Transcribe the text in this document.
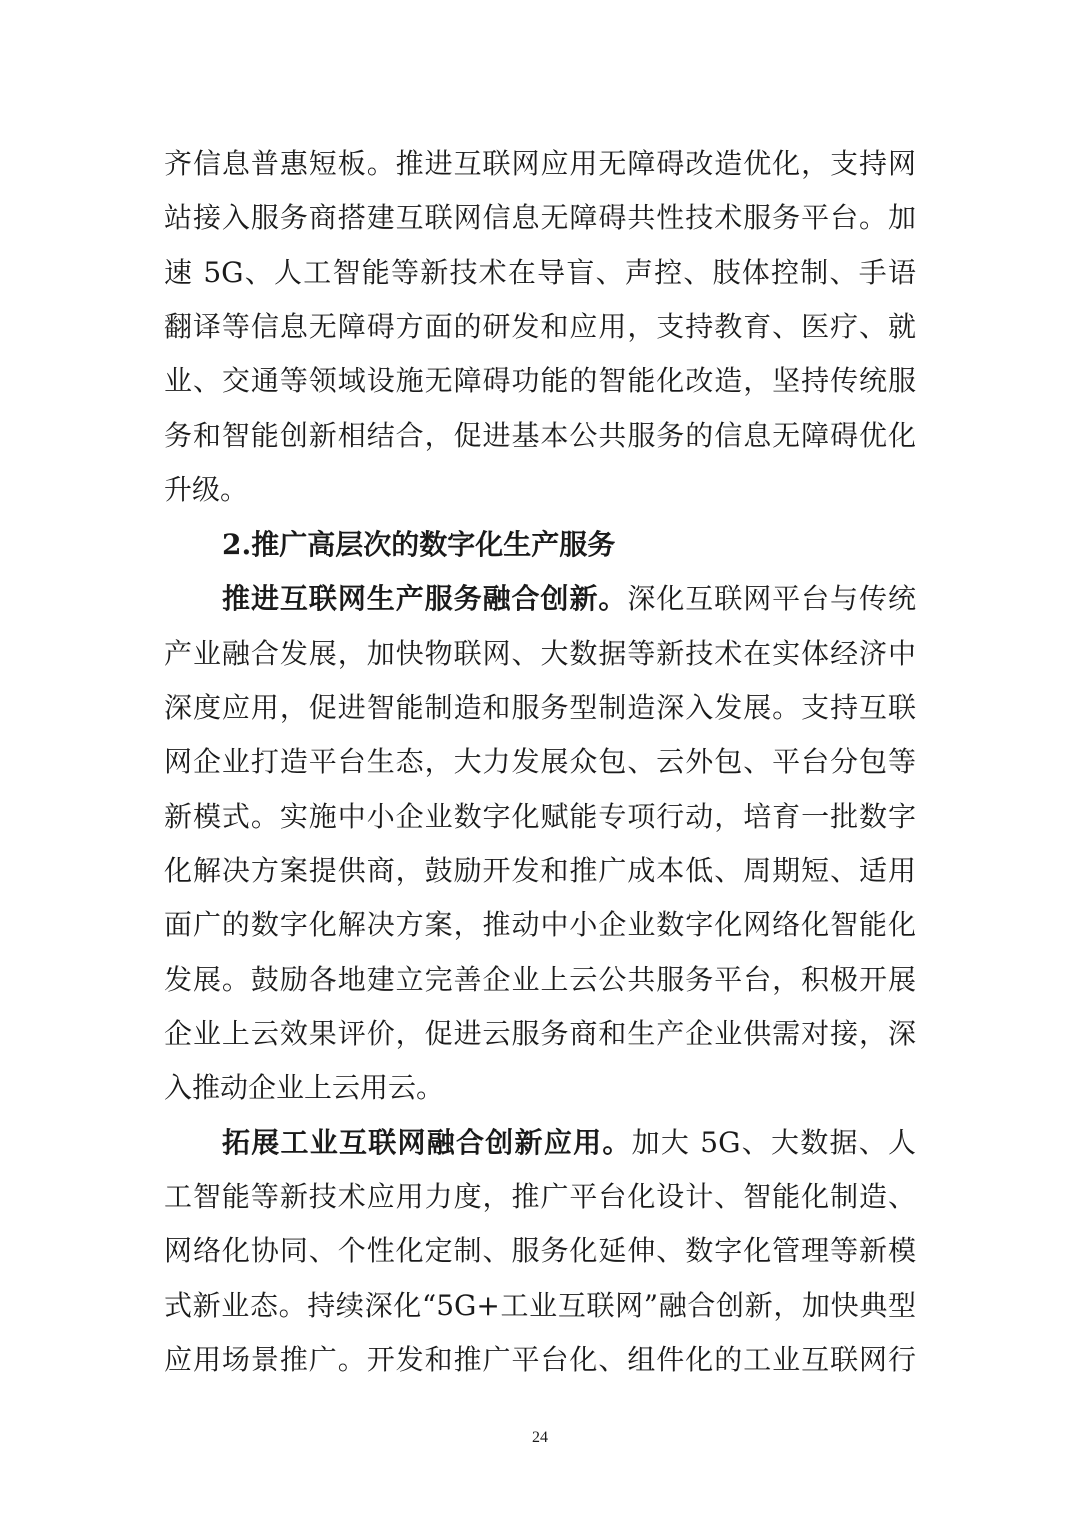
齐信息普惠短板。推进互联网应用无障碍改造优化，支持网
站接入服务商搭建互联网信息无障碍共性技术服务平台。加
速 5G、人工智能等新技术在导盲、声控、肢体控制、手语
翻译等信息无障碍方面的研发和应用，支持教育、医疗、就
业、交通等领域设施无障碍功能的智能化改造，坚持传统服
务和智能创新相结合，促进基本公共服务的信息无障碍优化
升级。
2.推广高层次的数字化生产服务
推进互联网生产服务融合创新。深化互联网平台与传统
产业融合发展，加快物联网、大数据等新技术在实体经济中
深度应用，促进智能制造和服务型制造深入发展。支持互联
网企业打造平台生态，大力发展众包、云外包、平台分包等
新模式。实施中小企业数字化赋能专项行动，培育一批数字
化解决方案提供商，鼓励开发和推广成本低、周期短、适用
面广的数字化解决方案，推动中小企业数字化网络化智能化
发展。鼓励各地建立完善企业上云公共服务平台，积极开展
企业上云效果评价，促进云服务商和生产企业供需对接，深
入推动企业上云用云。
拓展工业互联网融合创新应用。加大 5G、大数据、人
工智能等新技术应用力度，推广平台化设计、智能化制造、
网络化协同、个性化定制、服务化延伸、数字化管理等新模
式新业态。持续深化“5G+工业互联网”融合创新，加快典型
应用场景推广。开发和推广平台化、组件化的工业互联网行
24
